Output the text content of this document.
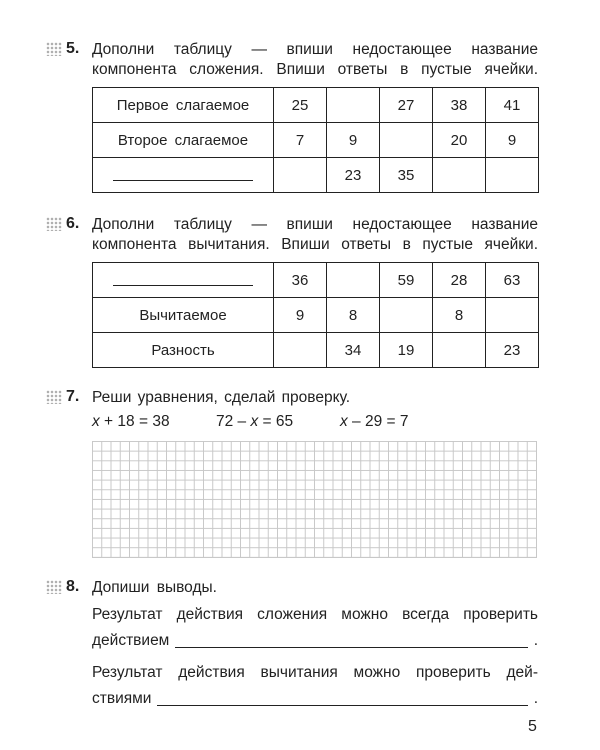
5. Дополни таблицу — впиши недостающее название компонента сложения. Впиши ответы в пустые ячейки.
Первое слагаемое	25		27	38	41
Второе слагаемое	7	9		20	9
		23	35		
6. Дополни таблицу — впиши недостающее название компонента вычитания. Впиши ответы в пустые ячейки.
	36		59	28	63
Вычитаемое	9	8		8	
Разность		34	19		23
7. Реши уравнения, сделай проверку.
x + 18 = 38	72 – x = 65	x – 29 = 7
8. Допиши выводы.
Результат действия сложения можно всегда проверить
действием	.
Результат действия вычитания можно проверить дей-
ствиями	.
5
